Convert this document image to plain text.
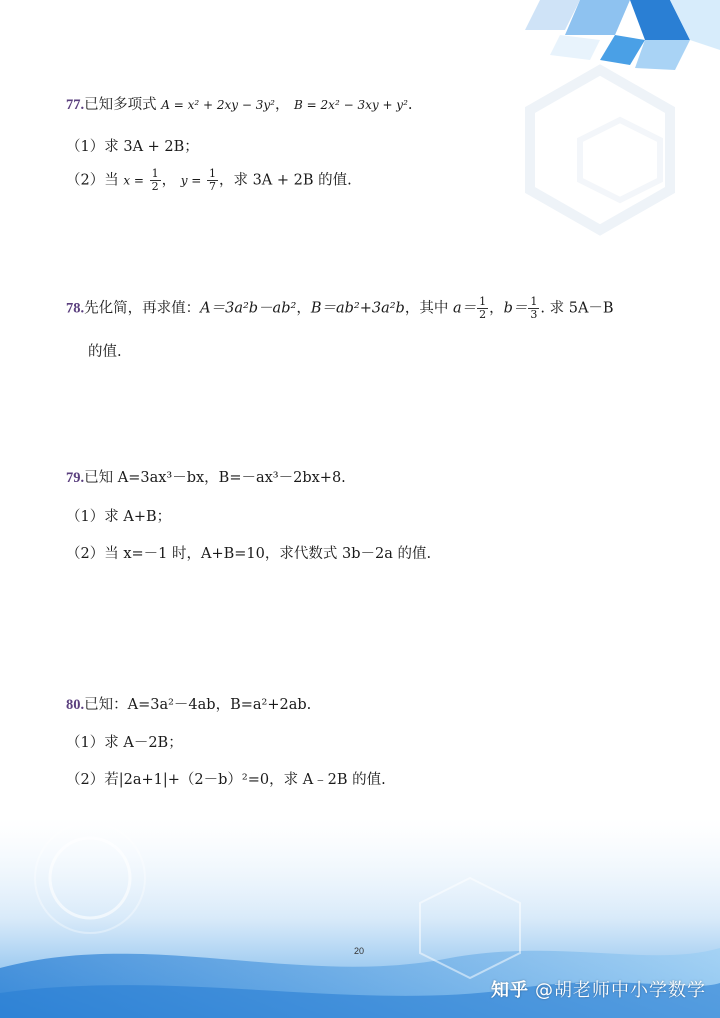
77.已知多项式 A = x² + 2xy − 3y²， B = 2x² − 3xy + y².
（1）求 3A + 2B；
（2）当 $x = \frac{1}{2}$ ， $y = \frac{1}{7}$ ，求 3A + 2B 的值.
78.先化简，再求值：A＝3a²b－ab²，B＝ab²+3a²b，其中 $a= \frac{1}{2}$ ，$b= \frac{1}{3}$ . 求 5A－B
的值.
79.已知 A=3ax³－bx，B=－ax³－2bx+8.
（1）求 A+B；
（2）当 x=－1 时，A+B=10，求代数式 3b－2a 的值.
80.已知：A=3a²－4ab，B=a²+2ab.
（1）求 A－2B；
（2）若|2a+1|+（2－b）²=0，求 A﹣2B 的值.
20
知乎 @胡老师中小学数学
